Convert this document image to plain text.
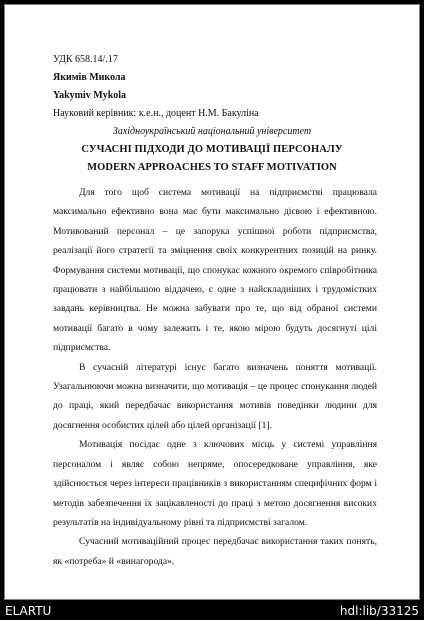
УДК 658.14/.17
Якимів Микола
Yakymiv Mykola
Науковий керівник: к.е.н., доцент Н.М. Бакуліна
Західноукраїнський національний університет
СУЧАСНІ ПІДХОДИ ДО МОТИВАЦІЇ ПЕРСОНАЛУ
MODERN APPROACHES TO STAFF MOTIVATION

Для того щоб система мотивації на підприємстві працювала максимально ефективно вона має бути максимально дієвою і ефективною. Мотивований персонал – це запорука успішної роботи підприємства, реалізації його стратегії та зміцнення своїх конкурентних позицій на ринку. Формування системи мотивації, що спонукає кожного окремого співробітника працювати з найбільшою віддачею, є одне з найскладніших і трудомістких завдань керівництва. Не можна забувати про те, що від обраної системи мотивації багато в чому залежить і те, якою мірою будуть досягнуті цілі підприємства.

В сучасній літературі існує багато визначень поняття мотивації. Узагальнюючи можна визначити, що мотивація – це процес спонукання людей до праці, який передбачає використання мотивів поведінки людини для досягнення особистих цілей або цілей організації [1].

Мотивація посідає одне з ключових місць у системі управління персоналом і являє собою непряме, опосередковане управління, яке здійснюється через інтереси працівників з використанням специфічних форм і методів забезпечення їх зацікавленості до праці з метою досягнення високих результатів на індивідуальному рівні та підприємстві загалом.

Сучасний мотиваційний процес передбачає використання таких понять, як «потреба» й «винагорода».

ELARTU	hdl:lib/33125
